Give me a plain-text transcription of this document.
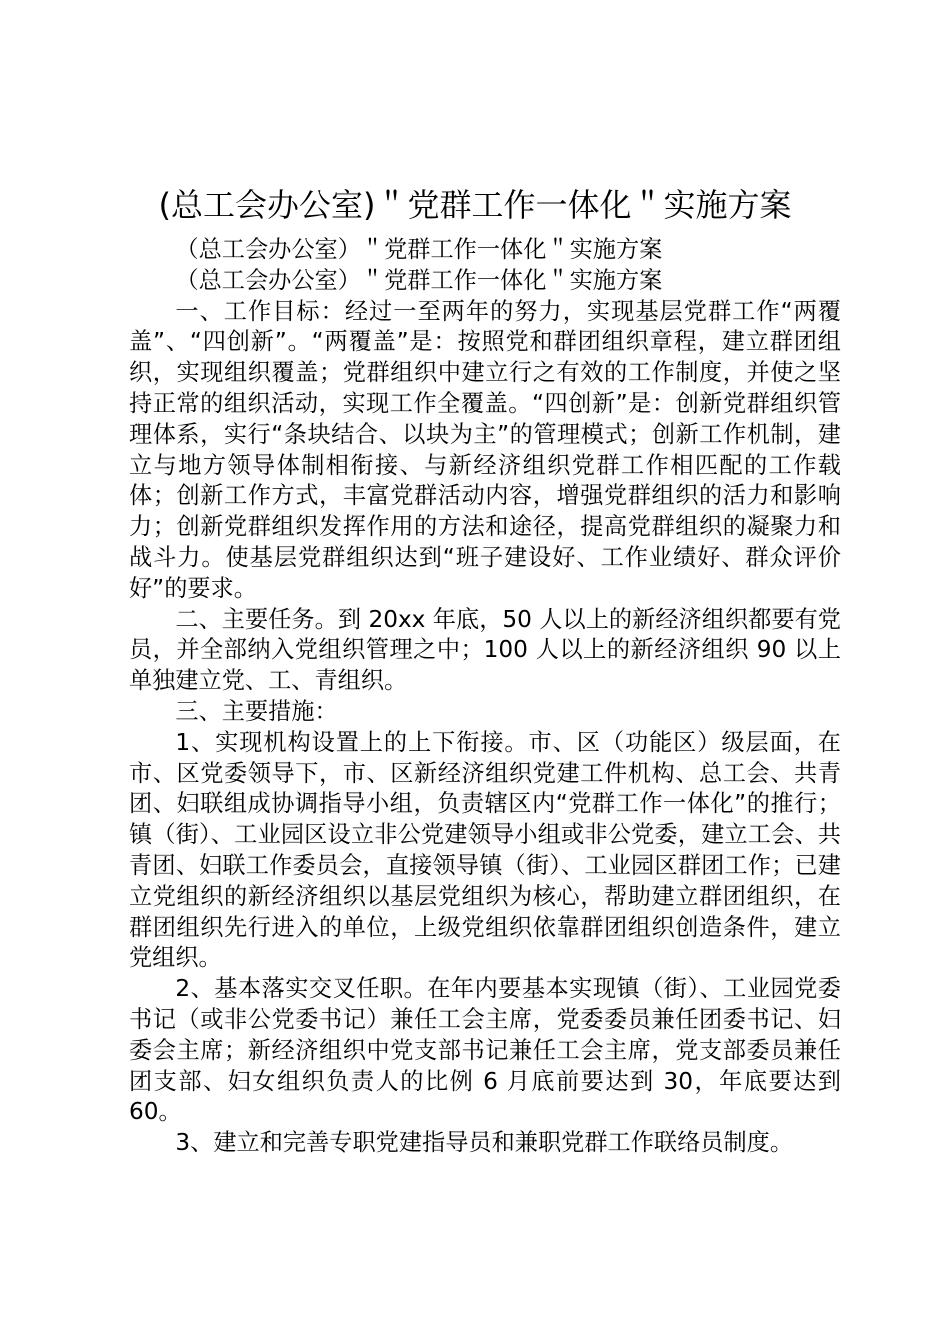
(总工会办公室)＂党群工作一体化＂实施方案

（总工会办公室）＂党群工作一体化＂实施方案

（总工会办公室）＂党群工作一体化＂实施方案

一、工作目标：经过一至两年的努力，实现基层党群工作“两覆盖”、“四创新”。“两覆盖”是：按照党和群团组织章程，建立群团组织，实现组织覆盖；党群组织中建立行之有效的工作制度，并使之坚持正常的组织活动，实现工作全覆盖。“四创新”是：创新党群组织管理体系，实行“条块结合、以块为主”的管理模式；创新工作机制，建立与地方领导体制相衔接、与新经济组织党群工作相匹配的工作载体；创新工作方式，丰富党群活动内容，增强党群组织的活力和影响力；创新党群组织发挥作用的方法和途径，提高党群组织的凝聚力和战斗力。使基层党群组织达到“班子建设好、工作业绩好、群众评价好”的要求。

二、主要任务。到 20xx 年底，50 人以上的新经济组织都要有党员，并全部纳入党组织管理之中；100 人以上的新经济组织 90 以上单独建立党、工、青组织。

三、主要措施：

1、实现机构设置上的上下衔接。市、区（功能区）级层面，在市、区党委领导下，市、区新经济组织党建工件机构、总工会、共青团、妇联组成协调指导小组，负责辖区内“党群工作一体化”的推行；镇（街）、工业园区设立非公党建领导小组或非公党委，建立工会、共青团、妇联工作委员会，直接领导镇（街）、工业园区群团工作；已建立党组织的新经济组织以基层党组织为核心，帮助建立群团组织，在群团组织先行进入的单位，上级党组织依靠群团组织创造条件，建立党组织。

2、基本落实交叉任职。在年内要基本实现镇（街）、工业园党委书记（或非公党委书记）兼任工会主席，党委委员兼任团委书记、妇委会主席；新经济组织中党支部书记兼任工会主席，党支部委员兼任团支部、妇女组织负责人的比例 6 月底前要达到 30，年底要达到 60。

3、建立和完善专职党建指导员和兼职党群工作联络员制度。
